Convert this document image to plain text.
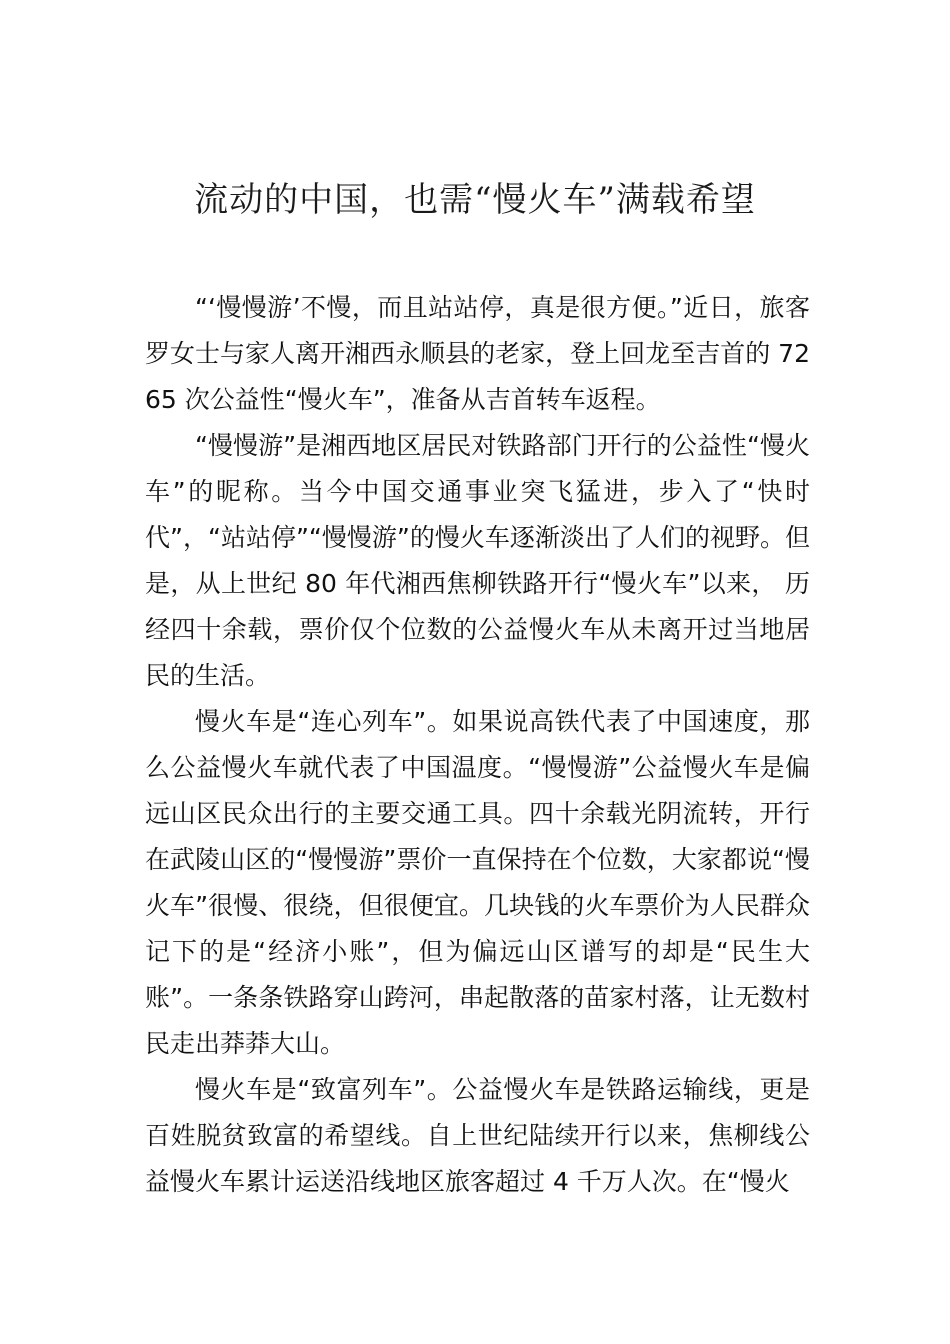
流动的中国，也需“慢火车”满载希望

“‘慢慢游’不慢，而且站站停，真是很方便。”近日，旅客罗女士与家人离开湘西永顺县的老家，登上回龙至吉首的 7265 次公益性“慢火车”，准备从吉首转车返程。

“慢慢游”是湘西地区居民对铁路部门开行的公益性“慢火车”的昵称。当今中国交通事业突飞猛进，步入了“快时代”，“站站停”“慢慢游”的慢火车逐渐淡出了人们的视野。但是，从上世纪 80 年代湘西焦柳铁路开行“慢火车”以来， 历经四十余载，票价仅个位数的公益慢火车从未离开过当地居民的生活。

慢火车是“连心列车”。如果说高铁代表了中国速度，那么公益慢火车就代表了中国温度。“慢慢游”公益慢火车是偏远山区民众出行的主要交通工具。四十余载光阴流转，开行在武陵山区的“慢慢游”票价一直保持在个位数，大家都说“慢火车”很慢、很绕，但很便宜。几块钱的火车票价为人民群众记下的是“经济小账”，但为偏远山区谱写的却是“民生大账”。一条条铁路穿山跨河，串起散落的苗家村落，让无数村民走出莽莽大山。

慢火车是“致富列车”。公益慢火车是铁路运输线，更是百姓脱贫致富的希望线。自上世纪陆续开行以来，焦柳线公益慢火车累计运送沿线地区旅客超过 4 千万人次。在“慢火
